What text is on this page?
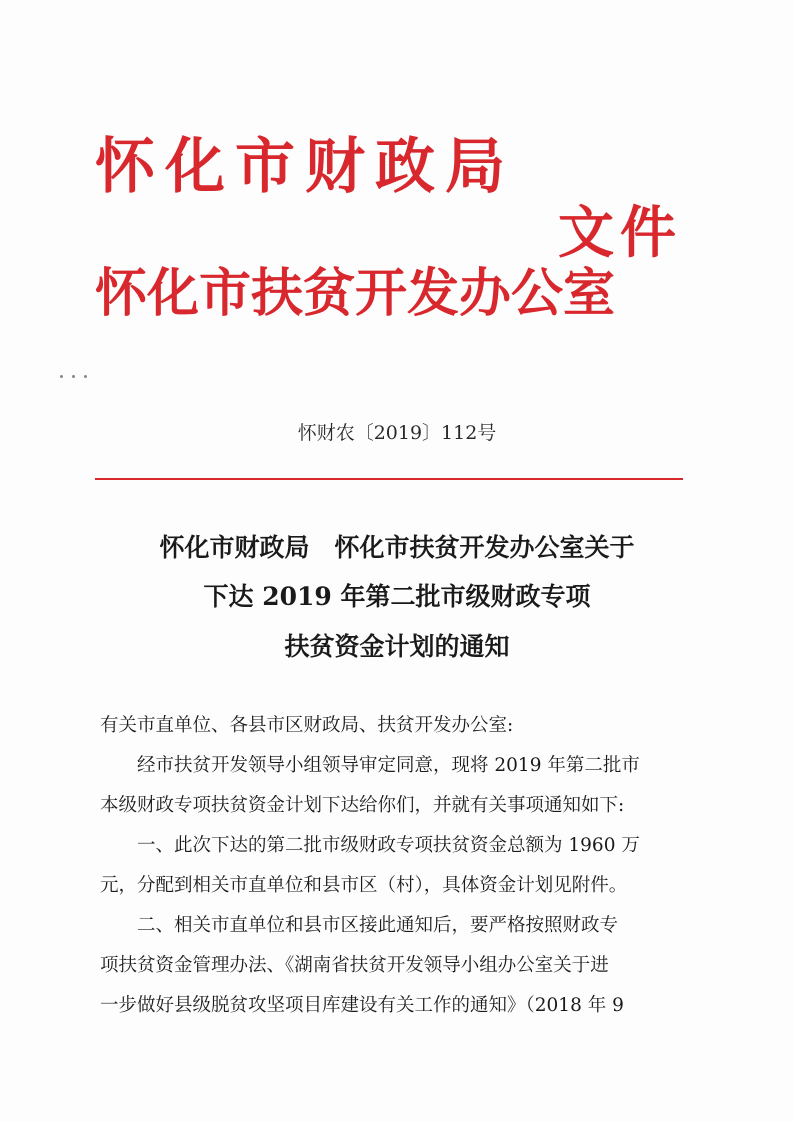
怀化市财政局
文件
怀化市扶贫开发办公室
怀财农〔2019〕112号
怀化市财政局　怀化市扶贫开发办公室关于
下达 2019 年第二批市级财政专项
扶贫资金计划的通知
有关市直单位、各县市区财政局、扶贫开发办公室:
　　经市扶贫开发领导小组领导审定同意，现将 2019 年第二批市
本级财政专项扶贫资金计划下达给你们，并就有关事项通知如下:
　　一、此次下达的第二批市级财政专项扶贫资金总额为 1960 万
元，分配到相关市直单位和县市区（村），具体资金计划见附件。
　　二、相关市直单位和县市区接此通知后，要严格按照财政专
项扶贫资金管理办法、《湖南省扶贫开发领导小组办公室关于进
一步做好县级脱贫攻坚项目库建设有关工作的通知》（2018 年 9
